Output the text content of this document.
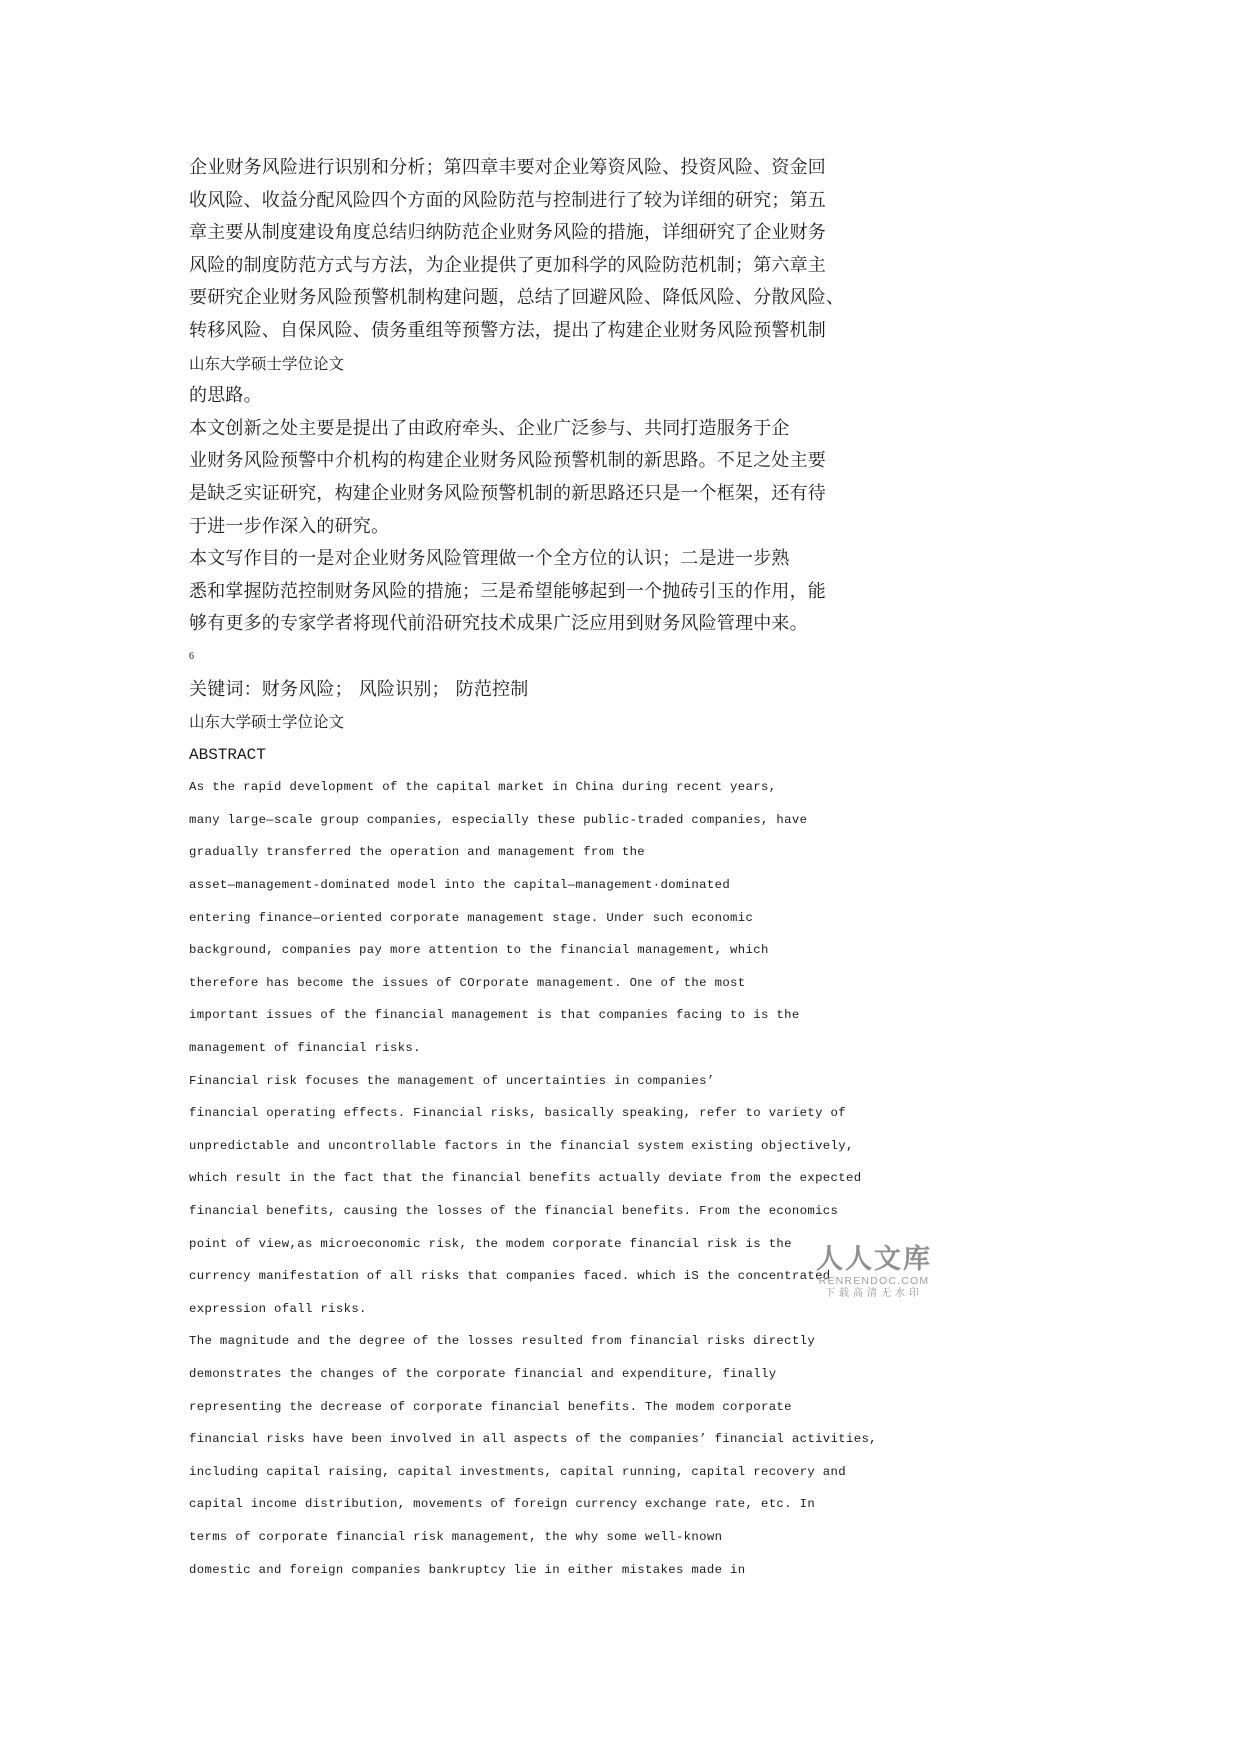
企业财务风险进行识别和分析；第四章丰要对企业筹资风险、投资风险、资金回

收风险、收益分配风险四个方面的风险防范与控制进行了较为详细的研究；第五

章主要从制度建设角度总结归纳防范企业财务风险的措施，详细研究了企业财务

风险的制度防范方式与方法，为企业提供了更加科学的风险防范机制；第六章主

要研究企业财务风险预警机制构建问题，总结了回避风险、降低风险、分散风险、

转移风险、自保风险、债务重组等预警方法，提出了构建企业财务风险预警机制

山东大学硕士学位论文

的思路。

本文创新之处主要是提出了由政府牵头、企业广泛参与、共同打造服务于企

业财务风险预警中介机构的构建企业财务风险预警机制的新思路。不足之处主要

是缺乏实证研究，构建企业财务风险预警机制的新思路还只是一个框架，还有待

于进一步作深入的研究。

本文写作目的一是对企业财务风险管理做一个全方位的认识；二是进一步熟

悉和掌握防范控制财务风险的措施；三是希望能够起到一个抛砖引玉的作用，能

够有更多的专家学者将现代前沿研究技术成果广泛应用到财务风险管理中来。

6

关键词：财务风险； 风险识别； 防范控制

山东大学硕士学位论文

ABSTRACT

As the rapid development of the capital market in China during recent years,

many large—scale group companies, especially these public-traded companies, have

gradually transferred the operation and management from the

asset—management-dominated model into the capital—management·dominated

entering finance—oriented corporate management stage. Under such economic

background, companies pay more attention to the financial management, which

therefore has become the issues of COrporate management. One of the most

important issues of the financial management is that companies facing to is the

management of financial risks.

Financial risk focuses the management of uncertainties in companies’

financial operating effects. Financial risks, basically speaking, refer to variety of

unpredictable and uncontrollable factors in the financial system existing objectively,

which result in the fact that the financial benefits actually deviate from the expected

financial benefits, causing the losses of the financial benefits. From the economics

point of view,as microeconomic risk, the modem corporate financial risk is the

currency manifestation of all risks that companies faced. which iS the concentrated

expression ofall risks.

The magnitude and the degree of the losses resulted from financial risks directly

demonstrates the changes of the corporate financial and expenditure, finally

representing the decrease of corporate financial benefits. The modem corporate

financial risks have been involved in all aspects of the companies’ financial activities,

including capital raising, capital investments, capital running, capital recovery and

capital income distribution, movements of foreign currency exchange rate, etc. In

terms of corporate financial risk management, the why some well-known

domestic and foreign companies bankruptcy lie in either mistakes made in

人人文库
RENRENDOC.COM
下载高清无水印
